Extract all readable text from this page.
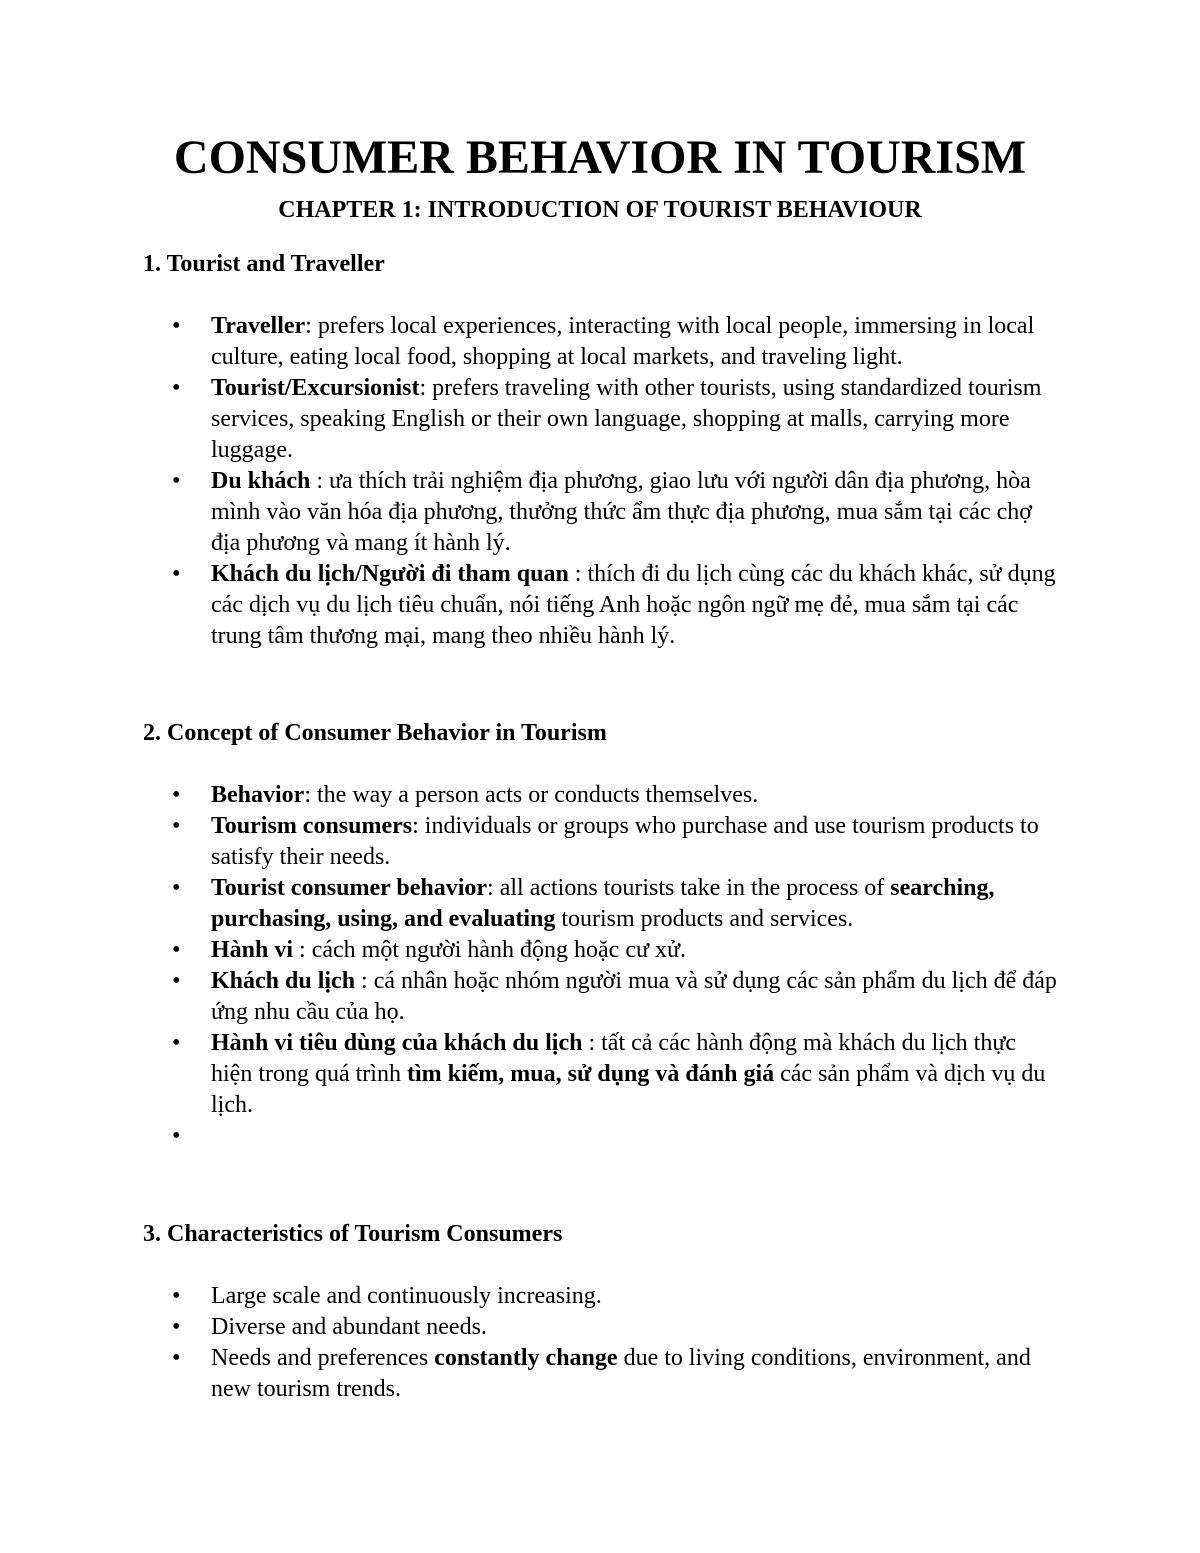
CONSUMER BEHAVIOR IN TOURISM
CHAPTER 1: INTRODUCTION OF TOURIST BEHAVIOUR
1. Tourist and Traveller
• Traveller: prefers local experiences, interacting with local people, immersing in local culture, eating local food, shopping at local markets, and traveling light.
• Tourist/Excursionist: prefers traveling with other tourists, using standardized tourism services, speaking English or their own language, shopping at malls, carrying more luggage.
• Du khách : ưa thích trải nghiệm địa phương, giao lưu với người dân địa phương, hòa mình vào văn hóa địa phương, thưởng thức ẩm thực địa phương, mua sắm tại các chợ địa phương và mang ít hành lý.
• Khách du lịch/Người đi tham quan : thích đi du lịch cùng các du khách khác, sử dụng các dịch vụ du lịch tiêu chuẩn, nói tiếng Anh hoặc ngôn ngữ mẹ đẻ, mua sắm tại các trung tâm thương mại, mang theo nhiều hành lý.
2. Concept of Consumer Behavior in Tourism
• Behavior: the way a person acts or conducts themselves.
• Tourism consumers: individuals or groups who purchase and use tourism products to satisfy their needs.
• Tourist consumer behavior: all actions tourists take in the process of searching, purchasing, using, and evaluating tourism products and services.
• Hành vi : cách một người hành động hoặc cư xử.
• Khách du lịch : cá nhân hoặc nhóm người mua và sử dụng các sản phẩm du lịch để đáp ứng nhu cầu của họ.
• Hành vi tiêu dùng của khách du lịch : tất cả các hành động mà khách du lịch thực hiện trong quá trình tìm kiếm, mua, sử dụng và đánh giá các sản phẩm và dịch vụ du lịch.
•
3. Characteristics of Tourism Consumers
• Large scale and continuously increasing.
• Diverse and abundant needs.
• Needs and preferences constantly change due to living conditions, environment, and new tourism trends.
